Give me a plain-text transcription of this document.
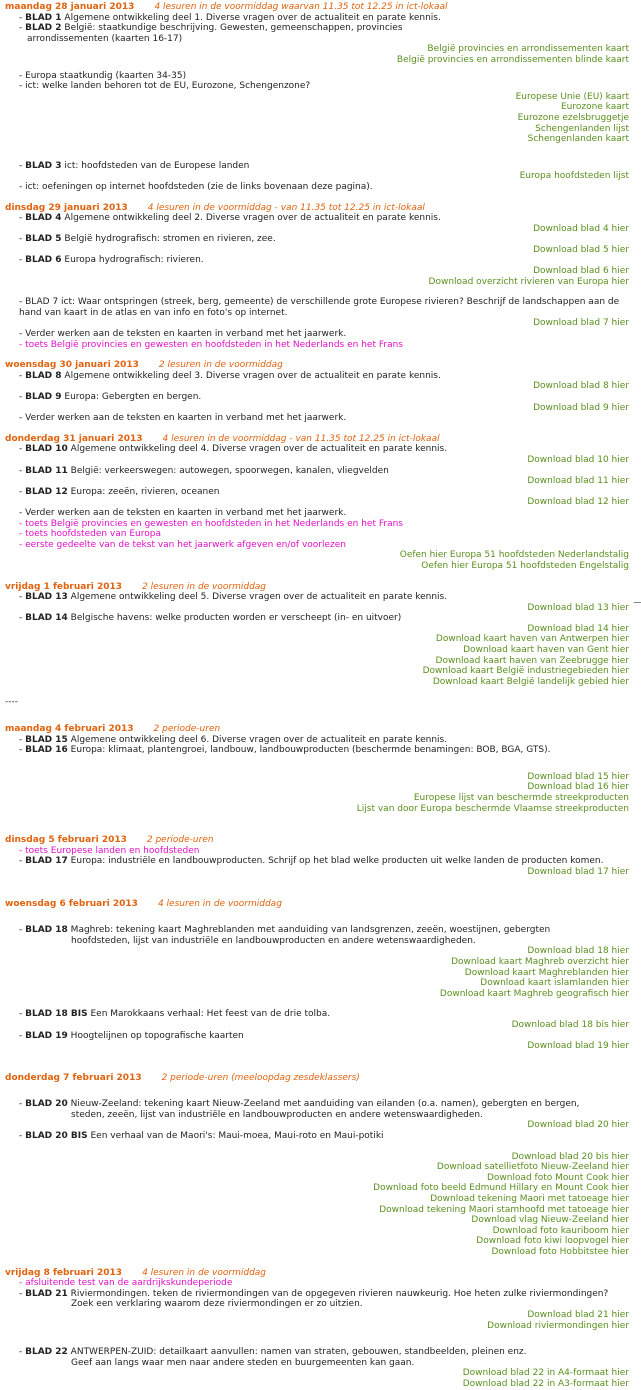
maandag 28 januari 2013 4 lesuren in de voormiddag waarvan 11.35 tot 12.25 in ict-lokaal
- BLAD 1 Algemene ontwikkeling deel 1. Diverse vragen over de actualiteit en parate kennis.
- BLAD 2 België: staatkundige beschrijving. Gewesten, gemeenschappen, provincies
arrondissementen (kaarten 16-17)
België provincies en arrondissementen kaart
België provincies en arrondissementen blinde kaart
- Europa staatkundig (kaarten 34-35)
- ict: welke landen behoren tot de EU, Eurozone, Schengenzone?
Europese Unie (EU) kaart
Eurozone kaart
Eurozone ezelsbruggetje
Schengenlanden lijst
Schengenlanden kaart
- BLAD 3 ict: hoofdsteden van de Europese landen
Europa hoofdsteden lijst
- ict: oefeningen op internet hoofdsteden (zie de links bovenaan deze pagina).
dinsdag 29 januari 2013 4 lesuren in de voormiddag - van 11.35 tot 12.25 in ict-lokaal
- BLAD 4 Algemene ontwikkeling deel 2. Diverse vragen over de actualiteit en parate kennis.
Download blad 4 hier
- BLAD 5 België hydrografisch: stromen en rivieren, zee.
Download blad 5 hier
- BLAD 6 Europa hydrografisch: rivieren.
Download blad 6 hier
Download overzicht rivieren van Europa hier
- BLAD 7 ict: Waar ontspringen (streek, berg, gemeente) de verschillende grote Europese rivieren? Beschrijf de landschappen aan de hand van kaart in de atlas en van info en foto's op internet.
Download blad 7 hier
- Verder werken aan de teksten en kaarten in verband met het jaarwerk.
- toets België provincies en gewesten en hoofdsteden in het Nederlands en het Frans
woensdag 30 januari 2013 2 lesuren in de voormiddag
- BLAD 8 Algemene ontwikkeling deel 3. Diverse vragen over de actualiteit en parate kennis.
Download blad 8 hier
- BLAD 9 Europa: Gebergten en bergen.
Download blad 9 hier
- Verder werken aan de teksten en kaarten in verband met het jaarwerk.
donderdag 31 januari 2013 4 lesuren in de voormiddag - van 11.35 tot 12.25 in ict-lokaal
- BLAD 10 Algemene ontwikkeling deel 4. Diverse vragen over de actualiteit en parate kennis.
Download blad 10 hier
- BLAD 11 België: verkeerswegen: autowegen, spoorwegen, kanalen, vliegvelden
Download blad 11 hier
- BLAD 12 Europa: zeeën, rivieren, oceanen
Download blad 12 hier
- Verder werken aan de teksten en kaarten in verband met het jaarwerk.
- toets België provincies en gewesten en hoofdsteden in het Nederlands en het Frans
- toets hoofdsteden van Europa
- eerste gedeelte van de tekst van het jaarwerk afgeven en/of voorlezen
Oefen hier Europa 51 hoofdsteden Nederlandstalig
Oefen hier Europa 51 hoofdsteden Engelstalig
vrijdag 1 februari 2013 2 lesuren in de voormiddag
- BLAD 13 Algemene ontwikkeling deel 5. Diverse vragen over de actualiteit en parate kennis.
Download blad 13 hier
- BLAD 14 Belgische havens: welke producten worden er verscheept (in- en uitvoer)
Download blad 14 hier
Download kaart haven van Antwerpen hier
Download kaart haven van Gent hier
Download kaart haven van Zeebrugge hier
Download kaart België industriegebieden hier
Download kaart België landelijk gebied hier
----
maandag 4 februari 2013 2 periode-uren
- BLAD 15 Algemene ontwikkeling deel 6. Diverse vragen over de actualiteit en parate kennis.
- BLAD 16 Europa: klimaat, plantengroei, landbouw, landbouwproducten (beschermde benamingen: BOB, BGA, GTS).
Download blad 15 hier
Download blad 16 hier
Europese lijst van beschermde streekproducten
Lijst van door Europa beschermde Vlaamse streekproducten
dinsdag 5 februari 2013 2 periode-uren
- toets Europese landen en hoofdsteden
- BLAD 17 Europa: industriële en landbouwproducten. Schrijf op het blad welke producten uit welke landen de producten komen.
Download blad 17 hier
woensdag 6 februari 2013 4 lesuren in de voormiddag
- BLAD 18 Maghreb: tekening kaart Maghreblanden met aanduiding van landsgrenzen, zeeën, woestijnen, gebergten
hoofdsteden, lijst van industriële en landbouwproducten en andere wetenswaardigheden.
Download blad 18 hier
Download kaart Maghreb overzicht hier
Download kaart Maghreblanden hier
Download kaart islamlanden hier
Download kaart Maghreb geografisch hier
- BLAD 18 BIS Een Marokkaans verhaal: Het feest van de drie tolba.
Download blad 18 bis hier
- BLAD 19 Hoogtelijnen op topografische kaarten
Download blad 19 hier
donderdag 7 februari 2013 2 periode-uren (meeloopdag zesdeklassers)
- BLAD 20 Nieuw-Zeeland: tekening kaart Nieuw-Zeeland met aanduiding van eilanden (o.a. namen), gebergten en bergen,
steden, zeeën, lijst van industriële en landbouwproducten en andere wetenswaardigheden.
Download blad 20 hier
- BLAD 20 BIS Een verhaal van de Maori's: Maui-moea, Maui-roto en Maui-potiki
Download blad 20 bis hier
Download satellietfoto Nieuw-Zeeland hier
Download foto Mount Cook hier
Download foto beeld Edmund Hillary en Mount Cook hier
Download tekening Maori met tatoeage hier
Download tekening Maori stamhoofd met tatoeage hier
Download vlag Nieuw-Zeeland hier
Download foto kauriboom hier
Download foto kiwi loopvogel hier
Download foto Hobbitstee hier
vrijdag 8 februari 2013 4 lesuren in de voormiddag
- afsluitende test van de aardrijkskundeperiode
- BLAD 21 Riviermondingen. teken de riviermondingen van de opgegeven rivieren nauwkeurig. Hoe heten zulke riviermondingen?
Zoek een verklaring waarom deze riviermondingen er zo uitzien.
Download blad 21 hier
Download riviermondingen hier
- BLAD 22 ANTWERPEN-ZUID: detailkaart aanvullen: namen van straten, gebouwen, standbeelden, pleinen enz.
Geef aan langs waar men naar andere steden en buurgemeenten kan gaan.
Download blad 22 in A4-formaat hier
Download blad 22 in A3-formaat hier
